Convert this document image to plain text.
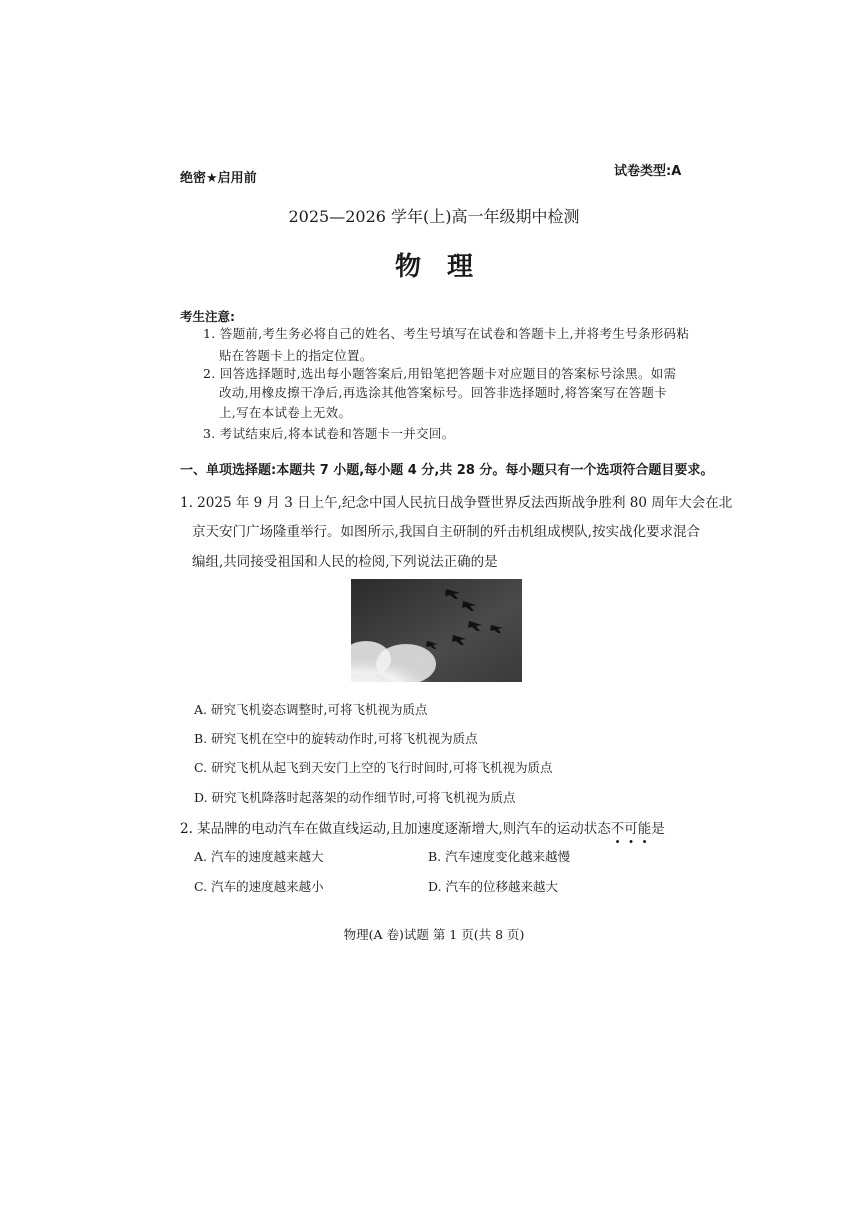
绝密★启用前	试卷类型:A
2025—2026 学年(上)高一年级期中检测
物理
考生注意:
1. 答题前,考生务必将自己的姓名、考生号填写在试卷和答题卡上,并将考生号条形码粘
贴在答题卡上的指定位置。
2. 回答选择题时,选出每小题答案后,用铅笔把答题卡对应题目的答案标号涂黑。如需
改动,用橡皮擦干净后,再选涂其他答案标号。回答非选择题时,将答案写在答题卡
上,写在本试卷上无效。
3. 考试结束后,将本试卷和答题卡一并交回。
一、单项选择题:本题共 7 小题,每小题 4 分,共 28 分。每小题只有一个选项符合题目要求。
1. 2025 年 9 月 3 日上午,纪念中国人民抗日战争暨世界反法西斯战争胜利 80 周年大会在北
京天安门广场隆重举行。如图所示,我国自主研制的歼击机组成楔队,按实战化要求混合
编组,共同接受祖国和人民的检阅,下列说法正确的是
A. 研究飞机姿态调整时,可将飞机视为质点
B. 研究飞机在空中的旋转动作时,可将飞机视为质点
C. 研究飞机从起飞到天安门上空的飞行时间时,可将飞机视为质点
D. 研究飞机降落时起落架的动作细节时,可将飞机视为质点
2. 某品牌的电动汽车在做直线运动,且加速度逐渐增大,则汽车的运动状态不可能是
A. 汽车的速度越来越大	B. 汽车速度变化越来越慢
C. 汽车的速度越来越小	D. 汽车的位移越来越大
物理(A 卷)试题 第 1 页(共 8 页)
